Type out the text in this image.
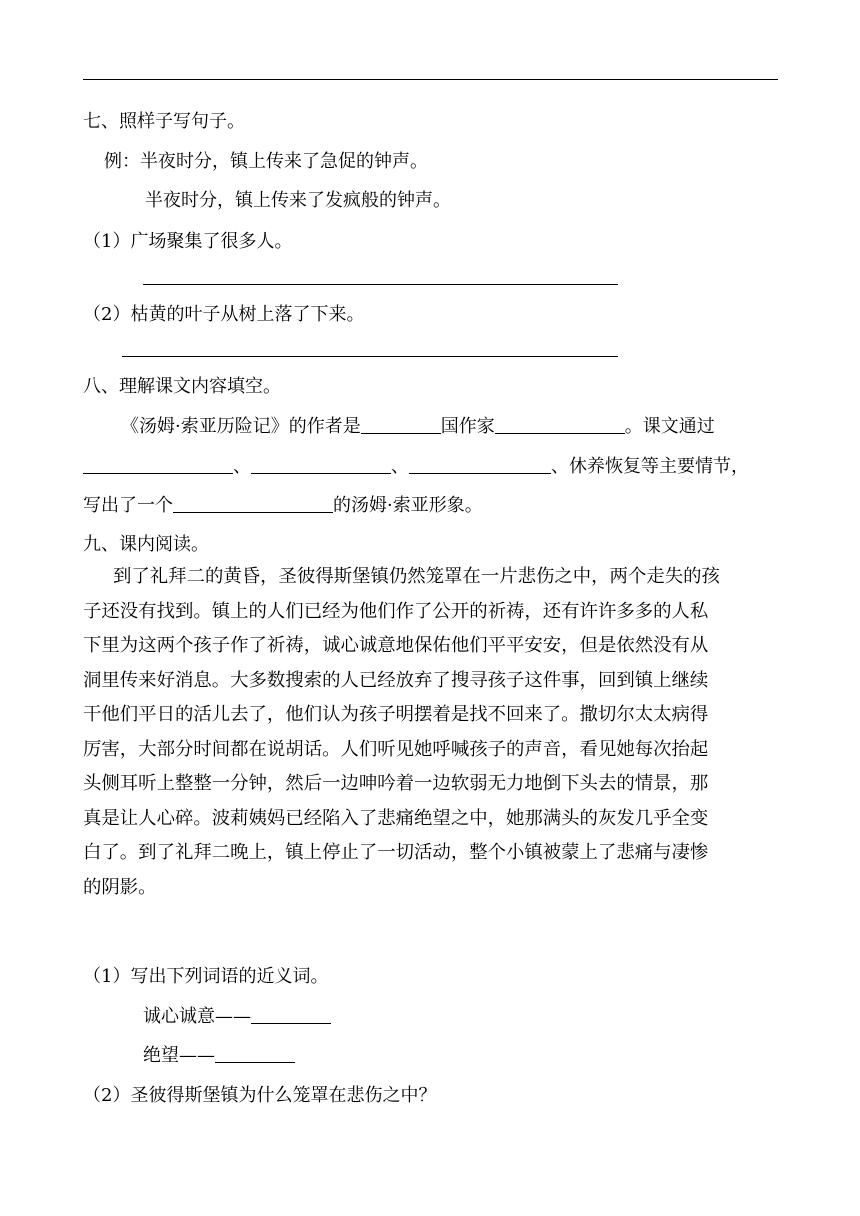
七、照样子写句子。
例：半夜时分，镇上传来了急促的钟声。
半夜时分，镇上传来了发疯般的钟声。
（1）广场聚集了很多人。
（2）枯黄的叶子从树上落了下来。
八、理解课文内容填空。
《汤姆·索亚历险记》的作者是	国作家	。课文通过
、	、	、休养恢复等主要情节，
写出了一个	的汤姆·索亚形象。
九、课内阅读。
到了礼拜二的黄昏，圣彼得斯堡镇仍然笼罩在一片悲伤之中，两个走失的孩
子还没有找到。镇上的人们已经为他们作了公开的祈祷，还有许许多多的人私
下里为这两个孩子作了祈祷，诚心诚意地保佑他们平平安安，但是依然没有从
洞里传来好消息。大多数搜索的人已经放弃了搜寻孩子这件事，回到镇上继续
干他们平日的活儿去了，他们认为孩子明摆着是找不回来了。撒切尔太太病得
厉害，大部分时间都在说胡话。人们听见她呼喊孩子的声音，看见她每次抬起
头侧耳听上整整一分钟，然后一边呻吟着一边软弱无力地倒下头去的情景，那
真是让人心碎。波莉姨妈已经陷入了悲痛绝望之中，她那满头的灰发几乎全变
白了。到了礼拜二晚上，镇上停止了一切活动，整个小镇被蒙上了悲痛与凄惨
的阴影。
（1）写出下列词语的近义词。
诚心诚意——
绝望——
（2）圣彼得斯堡镇为什么笼罩在悲伤之中？
